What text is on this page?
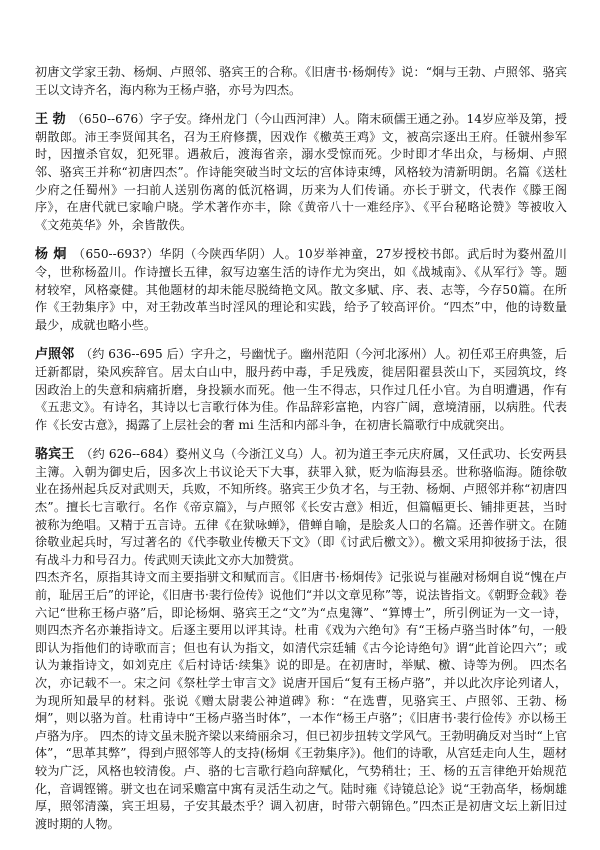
初唐文学家王勃、杨炯、卢照邻、骆宾王的合称。《旧唐书·杨炯传》说：“炯与王勃、卢照邻、骆宾王以文诗齐名，海内称为王杨卢骆，亦号为四杰。

王 勃 （650--676）字子安。绛州龙门（今山西河津）人。隋末硕儒王通之孙。14岁应举及第，授朝散郎。沛王李贤闻其名，召为王府修撰，因戏作《檄英王鸡》文，被高宗逐出王府。任虢州参军时，因擅杀官奴，犯死罪。遇赦后，渡海省亲，溺水受惊而死。少时即才华出众，与杨炯、卢照邻、骆宾王并称“初唐四杰”。作诗能突破当时文坛的宫体诗束缚，风格较为清新明朗。名篇《送杜少府之任蜀州》一扫前人送别伤离的低沉格调，历来为人们传诵。亦长于骈文，代表作《滕王阁序》，在唐代就已家喻户晓。学术著作亦丰，除《黄帝八十一难经序》、《平台秘略论赞》等被收入《文苑英华》外，余皆散佚。

杨 炯 （650--693?）华阴（今陕西华阴）人。10岁举神童，27岁授校书郎。武后时为婺州盈川令，世称杨盈川。作诗擅长五律，叙写边塞生活的诗作尤为突出，如《战城南》、《从军行》等。题材较窄，风格豪健。其他题材的却未能尽脱绮艳文风。散文多赋、序、表、志等，今存50篇。在所作《王勃集序》中，对王勃改革当时淫风的理论和实践，给予了较高评价。“四杰”中，他的诗数量最少，成就也略小些。

卢照邻 （约 636--695 后）字升之，号幽忧子。幽州范阳（今河北涿州）人。初任邓王府典签，后迁新都尉，染风疾辞官。居太白山中，服丹药中毒，手足残废，徙居阳翟县茨山下，买园筑坟，终因政治上的失意和病痛折磨，身投颍水而死。他一生不得志，只作过几任小官。为自明遭遇，作有《五悲文》。有诗名，其诗以七言歌行体为佳。作品辞彩富艳，内容广阔，意境清丽，以病胜。代表作《长安古意》，揭露了上层社会的奢 mi 生活和内部斗争，在初唐长篇歌行中成就突出。

骆宾王 （约 626--684）婺州义乌（今浙江义乌）人。初为道王李元庆府属，又任武功、长安两县主簿。入朝为御史后，因多次上书议论天下大事，获罪入狱，贬为临海县丞。世称骆临海。随徐敬业在扬州起兵反对武则天，兵败，不知所终。骆宾王少负才名，与王勃、杨炯、卢照邻并称“初唐四杰”。擅长七言歌行。名作《帝京篇》，与卢照邻《长安古意》相近，但篇幅更长、铺排更甚，当时被称为绝唱。又精于五言诗。五律《在狱咏蝉》，借蝉自喻，是脍炙人口的名篇。还善作骈文。在随徐敬业起兵时，写过著名的《代李敬业传檄天下文》（即《讨武后檄文》）。檄文采用抑彼扬于法，很有战斗力和号召力。传武则天读此文亦大加赞赏。

四杰齐名，原指其诗文而主要指骈文和赋而言。《旧唐书·杨炯传》记张说与崔融对杨炯自说“愧在卢前，耻居王后”的评论，《旧唐书·裴行俭传》说他们“并以文章见称”等，说法皆指文。《朝野佥载》卷六记“世称王杨卢骆”后，即论杨炯、骆宾王之“文”为“点鬼簿”、“算博士”，所引例证为一文一诗，则四杰齐名亦兼指诗文。后逐主要用以评其诗。杜甫《戏为六绝句》有“王杨卢骆当时体”句，一般即认为指他们的诗歌而言；但也有认为指文，如清代宗廷辅《古今论诗绝句》谓“此首论四六”；或认为兼指诗文，如刘克庄《后村诗话·续集》说的即是。在初唐时，举赋、檄、诗等为例。 四杰名次，亦记载不一。宋之问《祭杜学士审言文》说唐开国后“复有王杨卢骆”，并以此次序论列诸人，为现所知最早的材料。张说《赠太尉裴公神道碑》称：“在选曹，见骆宾王、卢照邻、王勃、杨炯”，则以骆为首。杜甫诗中“王杨卢骆当时体”，一本作“杨王卢骆”；《旧唐书·裴行俭传》亦以杨王卢骆为序。 四杰的诗文虽未脱齐梁以来绮丽余习，但已初步扭转文学风气。王勃明确反对当时“上官体”，“思革其弊”，得到卢照邻等人的支持(杨炯《王勃集序》)。他们的诗歌，从宫廷走向人生，题材较为广泛，风格也较清俊。卢、骆的七言歌行趋向辞赋化，气势稍壮；王、杨的五言律绝开始规范化，音调铿锵。骈文也在词采赡富中寓有灵活生动之气。陆时雍《诗镜总论》说“王勃高华，杨炯雄厚，照邻清藻，宾王坦易，子安其最杰乎？调入初唐，时带六朝锦色。”四杰正是初唐文坛上新旧过渡时期的人物。
